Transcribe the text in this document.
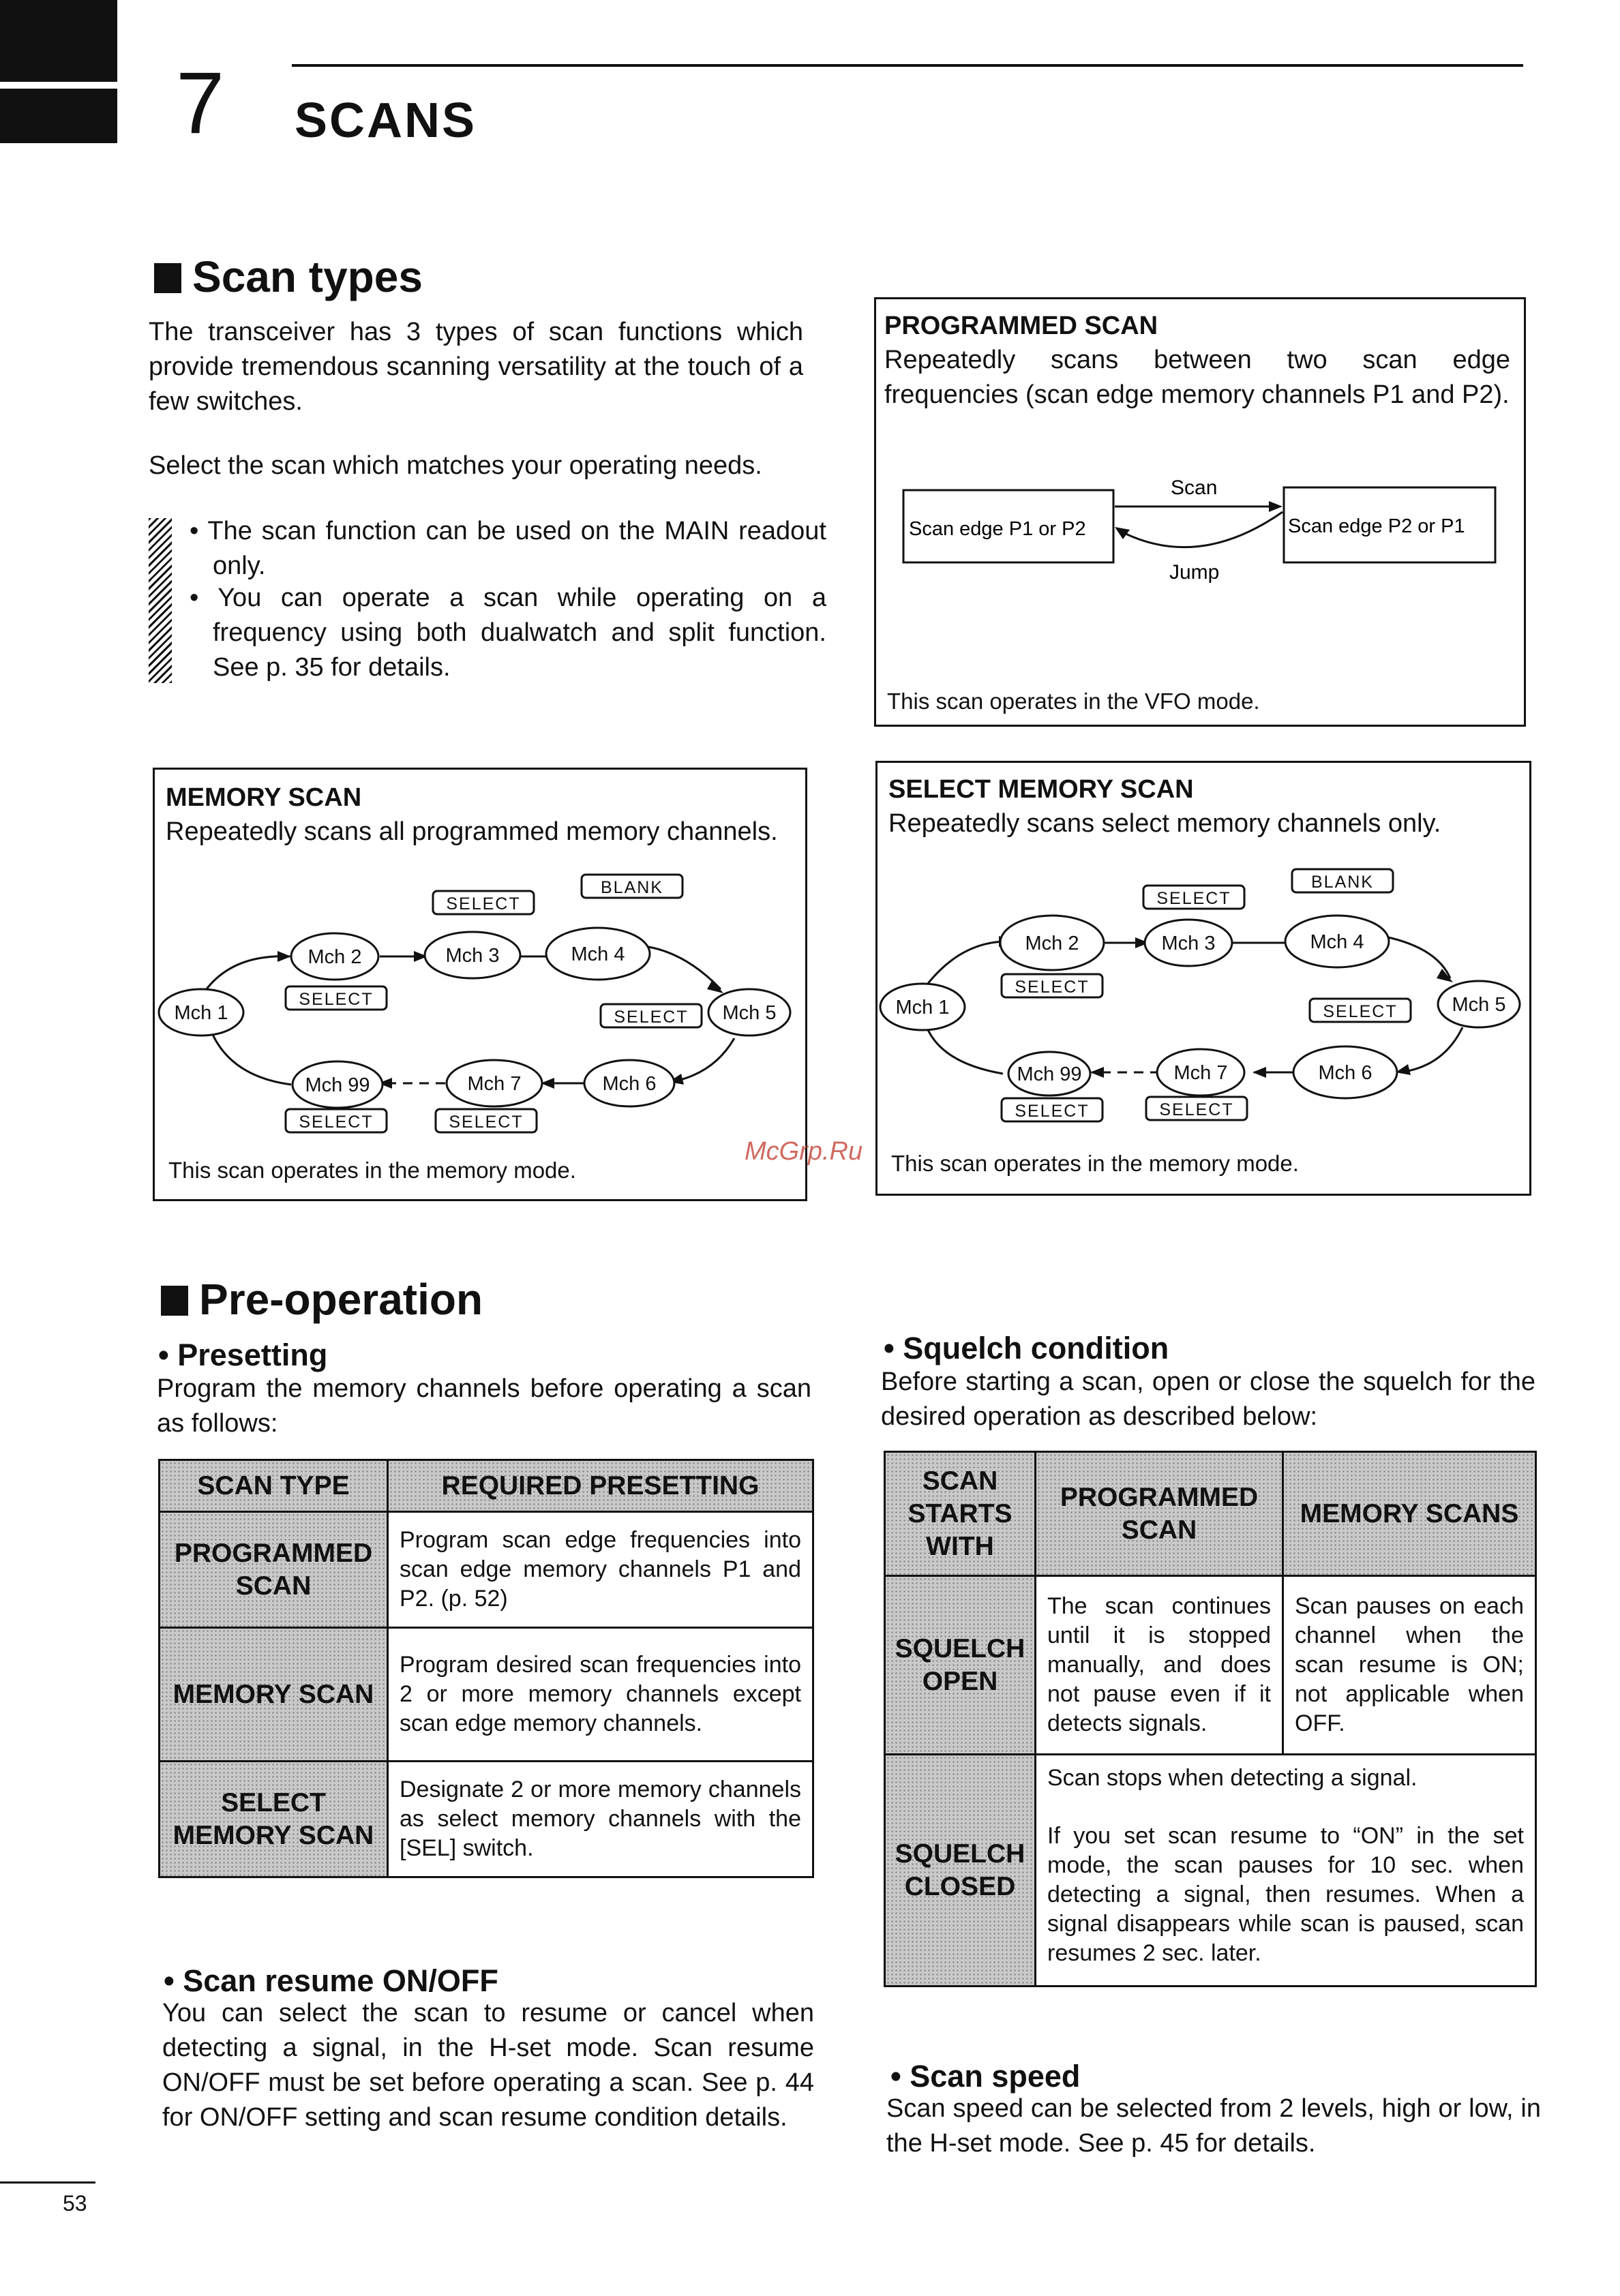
7 SCANS
Scan types
The transceiver has 3 types of scan functions which provide tremendous scanning versatility at the touch of a few switches.
Select the scan which matches your operating needs.
• The scan function can be used on the MAIN readout only.
• You can operate a scan while operating on a frequency using both dualwatch and split function. See p. 35 for details.
PROGRAMMED SCAN
Repeatedly scans between two scan edge frequencies (scan edge memory channels P1 and P2).
Scan edge P1 or P2	Scan edge P2 or P1
Scan
Jump
This scan operates in the VFO mode.
MEMORY SCAN
Repeatedly scans all programmed memory channels.
Mch 1
Mch 2	Mch 3	Mch 4
Mch 5
Mch 6
Mch 7
Mch 99
SELECT
BLANK
SELECT
SELECT
SELECT	SELECT
This scan operates in the memory mode.
SELECT MEMORY SCAN
Repeatedly scans select memory channels only.
Mch 1
Mch 2	Mch 3	Mch 4
Mch 5
Mch 6
Mch 7
Mch 99
SELECT
BLANK
SELECT
SELECT
SELECT	SELECT
This scan operates in the memory mode.
McGrp.Ru
Pre-operation
• Presetting
Program the memory channels before operating a scan as follows:
SCAN TYPE	REQUIRED PRESETTING
PROGRAMMED SCAN	Program scan edge frequencies into scan edge memory channels P1 and P2. (p. 52)
MEMORY SCAN	Program desired scan frequencies into 2 or more memory channels except scan edge memory channels.
SELECT MEMORY SCAN	Designate 2 or more memory channels as select memory channels with the [SEL] switch.
• Scan resume ON/OFF
You can select the scan to resume or cancel when detecting a signal, in the H-set mode. Scan resume ON/OFF must be set before operating a scan. See p. 44 for ON/OFF setting and scan resume condition details.
• Squelch condition
Before starting a scan, open or close the squelch for the desired operation as described below:
SCAN STARTS WITH	PROGRAMMED SCAN	MEMORY SCANS
SQUELCH OPEN	The scan continues until it is stopped manually, and does not pause even if it detects signals.	Scan pauses on each channel when the scan resume is ON; not applicable when OFF.
SQUELCH CLOSED	Scan stops when detecting a signal.
If you set scan resume to “ON” in the set mode, the scan pauses for 10 sec. when detecting a signal, then resumes. When a signal disappears while scan is paused, scan resumes 2 sec. later.	
• Scan speed
Scan speed can be selected from 2 levels, high or low, in the H-set mode. See p. 45 for details.
53
